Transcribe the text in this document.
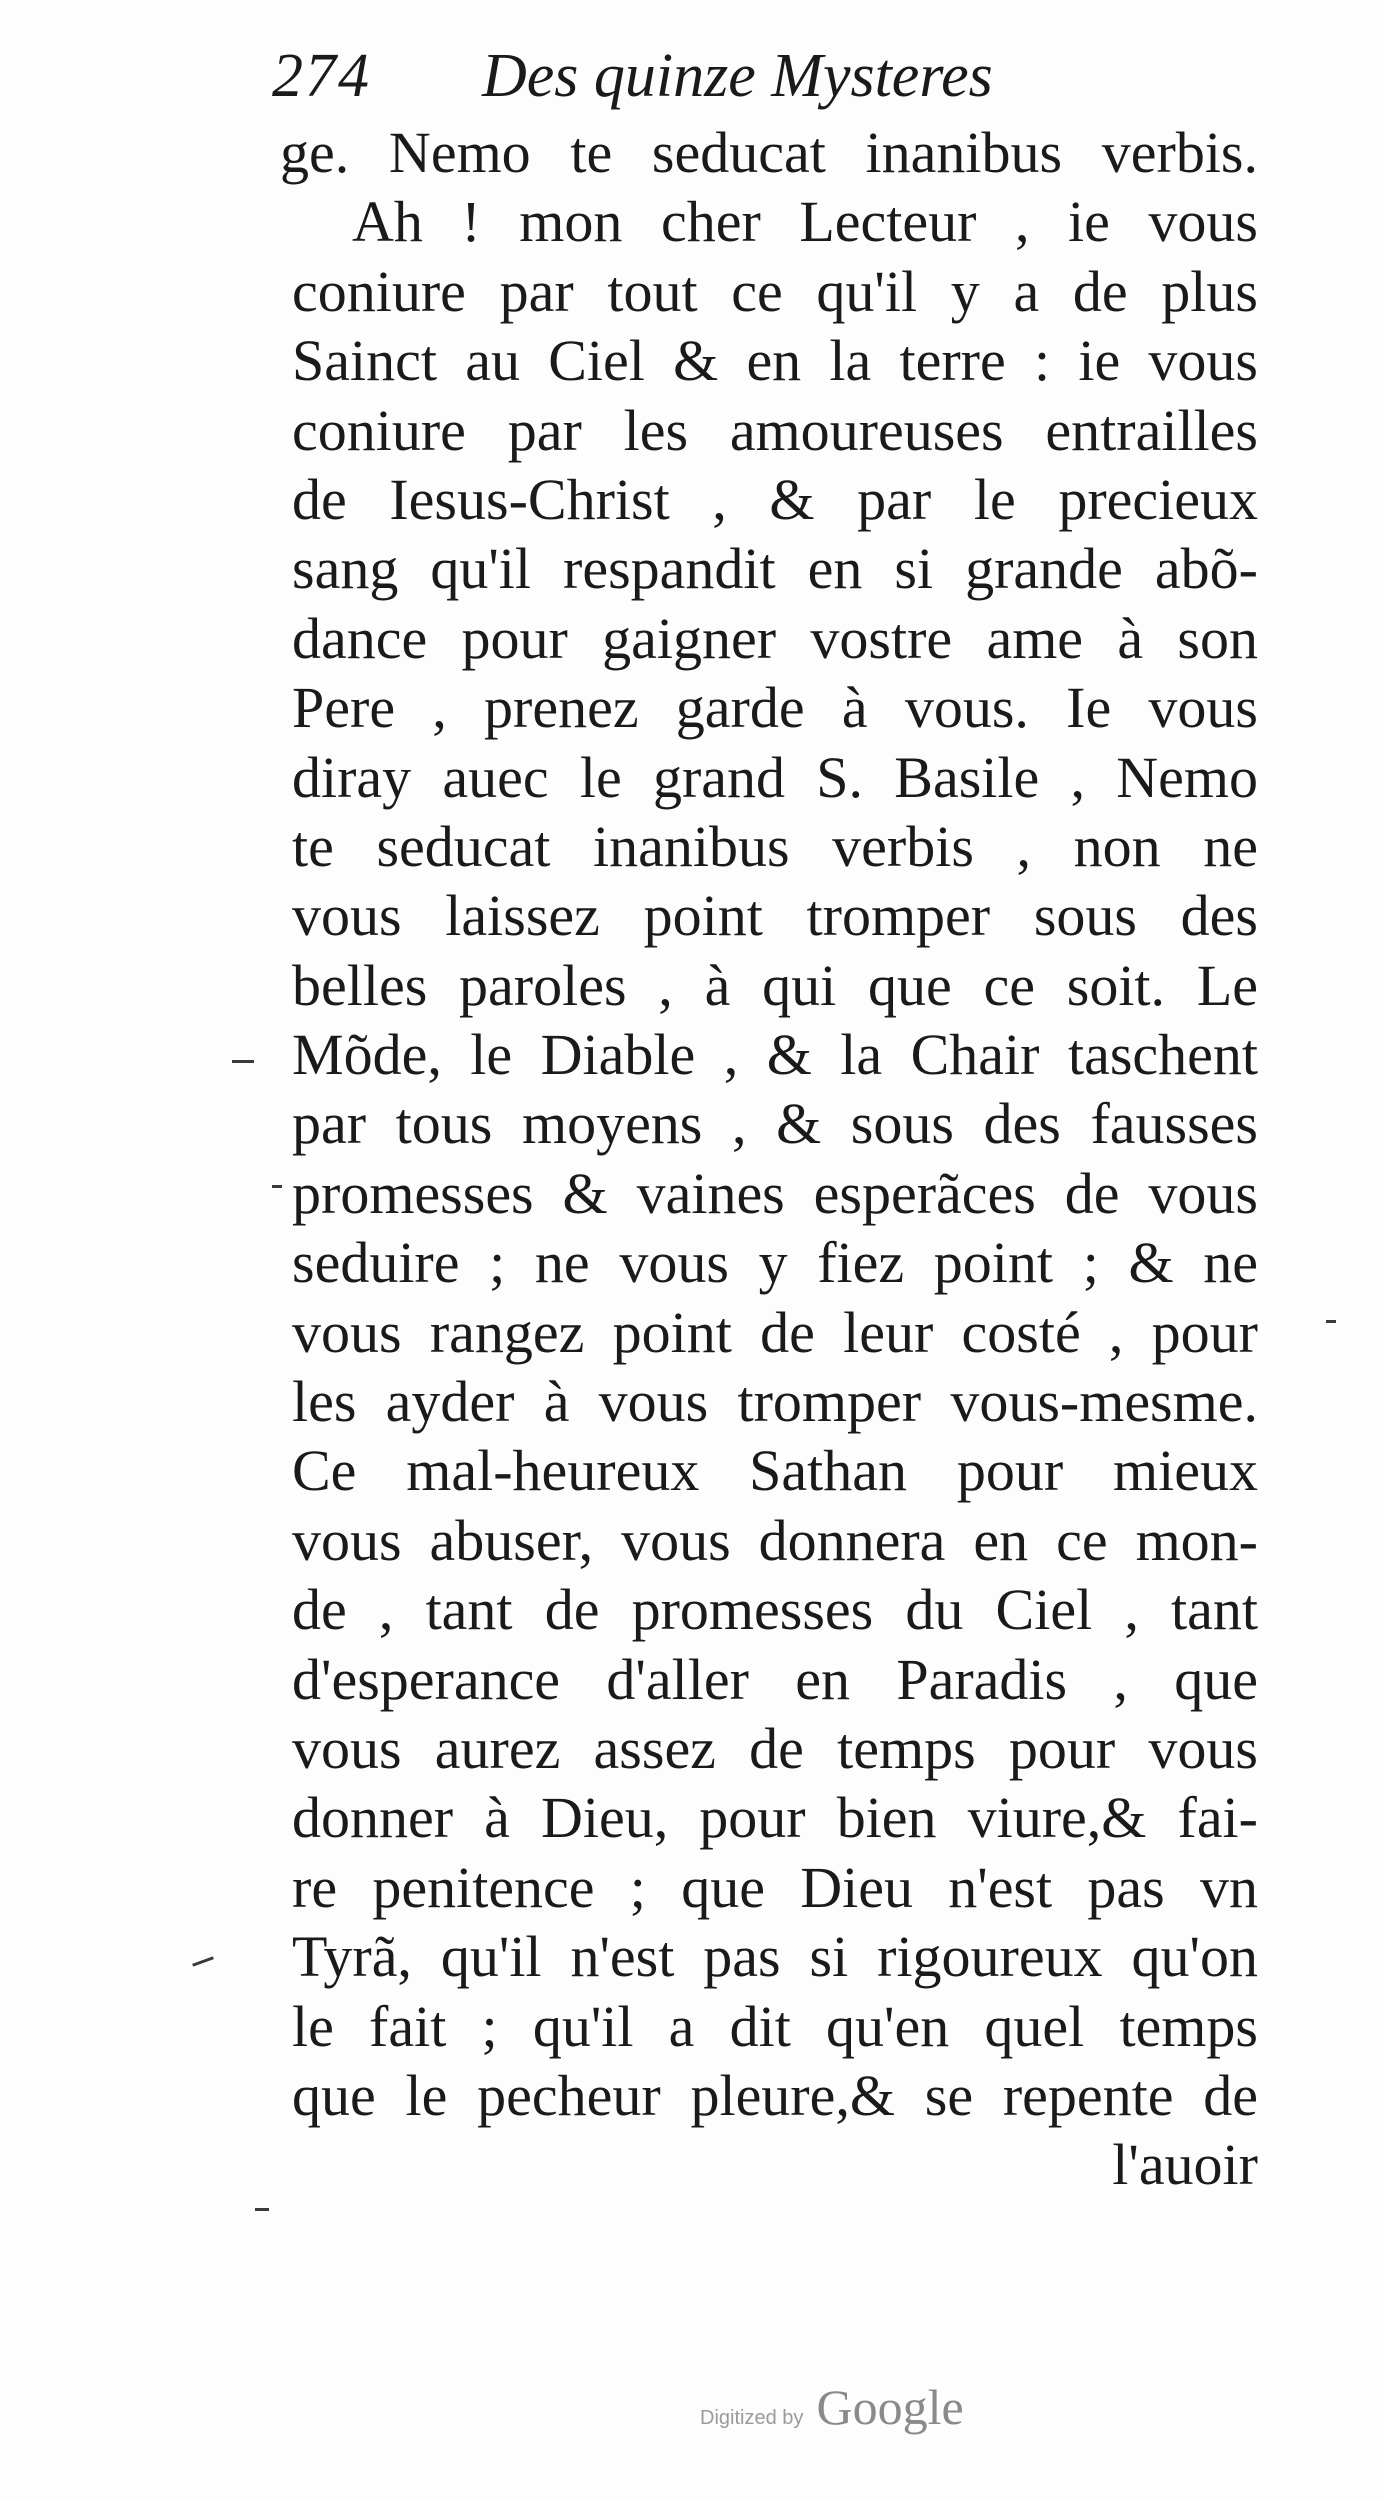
274 Des quinze Mysteres
ge. Nemo te seducat inanibus verbis.
Ah ! mon cher Lecteur , ie vous
coniure par tout ce qu'il y a de plus
Sainct au Ciel & en la terre : ie vous
coniure par les amoureuses entrailles
de Iesus-Christ , & par le precieux
sang qu'il respandit en si grande abõ-
dance pour gaigner vostre ame à son
Pere , prenez garde à vous. Ie vous
diray auec le grand S. Basile , Nemo
te seducat inanibus verbis , non ne
vous laissez point tromper sous des
belles paroles , à qui que ce soit. Le
Mõde, le Diable , & la Chair taschent
par tous moyens , & sous des fausses
promesses & vaines esperãces de vous
seduire ; ne vous y fiez point ; & ne
vous rangez point de leur costé , pour
les ayder à vous tromper vous-mesme.
Ce mal-heureux Sathan pour mieux
vous abuser, vous donnera en ce mon-
de , tant de promesses du Ciel , tant
d'esperance d'aller en Paradis , que
vous aurez assez de temps pour vous
donner à Dieu, pour bien viure,& fai-
re penitence ; que Dieu n'est pas vn
Tyrã, qu'il n'est pas si rigoureux qu'on
le fait ; qu'il a dit qu'en quel temps
que le pecheur pleure,& se repente de
l'auoir
Digitized by Google
